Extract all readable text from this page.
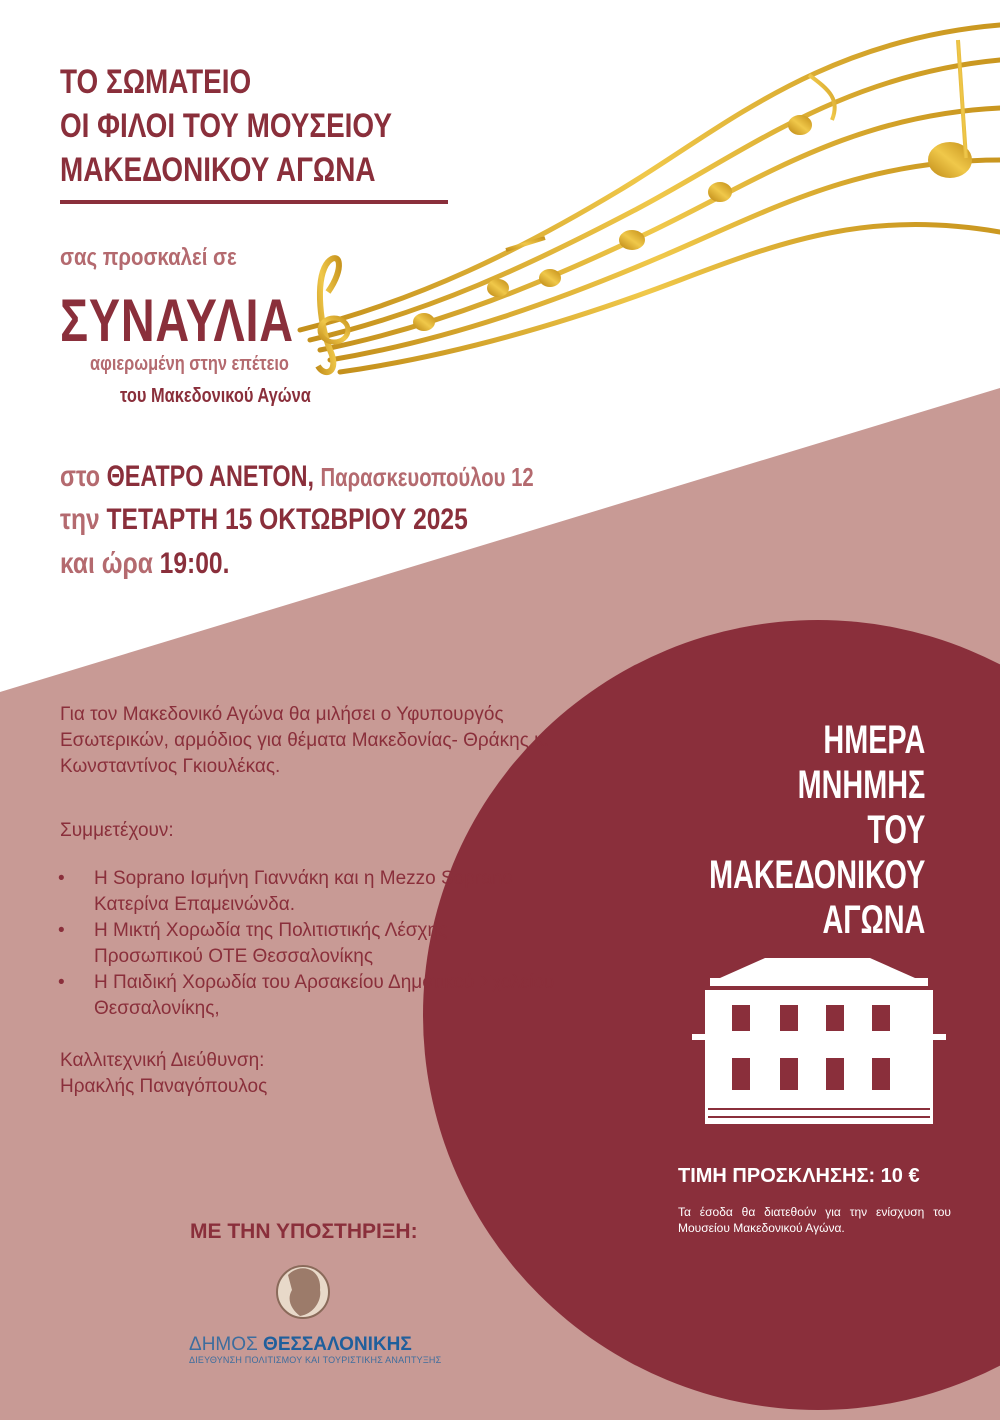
ΤΟ ΣΩΜΑΤΕΙΟ
ΟΙ ΦΙΛΟΙ ΤΟΥ ΜΟΥΣΕΙΟΥ
ΜΑΚΕΔΟΝΙΚΟΥ ΑΓΩΝΑ
σας προσκαλεί σε
ΣΥΝΑΥΛΙΑ
αφιερωμένη στην επέτειο
του Μακεδονικού Αγώνα
στο ΘΕΑΤΡΟ ΑΝΕΤΟΝ, Παρασκευοπούλου 12
την ΤΕΤΑΡΤΗ 15 ΟΚΤΩΒΡΙΟΥ 2025
και ώρα 19:00.
Για τον Μακεδονικό Αγώνα θα μιλήσει ο Υφυπουργός Εσωτερικών, αρμόδιος για θέματα Μακεδονίας- Θράκης κ. Κωνσταντίνος Γκιουλέκας.
Συμμετέχουν:
• Η Soprano Ισμήνη Γιαννάκη και η Mezzo Soprano Κατερίνα Επαμεινώνδα.
• Η Μικτή Χορωδία της Πολιτιστικής Λέσχης Προσωπικού ΟΤΕ Θεσσαλονίκης
• Η Παιδική Χορωδία του Αρσακείου Δημοτικού Σχολείου Θεσσαλονίκης,
Καλλιτεχνική Διεύθυνση:
Ηρακλής Παναγόπουλος
ΜΕ ΤΗΝ ΥΠΟΣΤΗΡΙΞΗ:
ΗΜΕΡΑ
ΜΝΗΜΗΣ
ΤΟΥ
ΜΑΚΕΔΟΝΙΚΟΥ
ΑΓΩΝΑ
ΤΙΜΗ ΠΡΟΣΚΛΗΣΗΣ: 10 €
Τα έσοδα θα διατεθούν για την ενίσχυση του Μουσείου Μακεδονικού Αγώνα.
ΔΗΜΟΣ ΘΕΣΣΑΛΟΝΙΚΗΣ
ΔΙΕΥΘΥΝΣΗ ΠΟΛΙΤΙΣΜΟΥ ΚΑΙ ΤΟΥΡΙΣΤΙΚΗΣ ΑΝΑΠΤΥΞΗΣ
